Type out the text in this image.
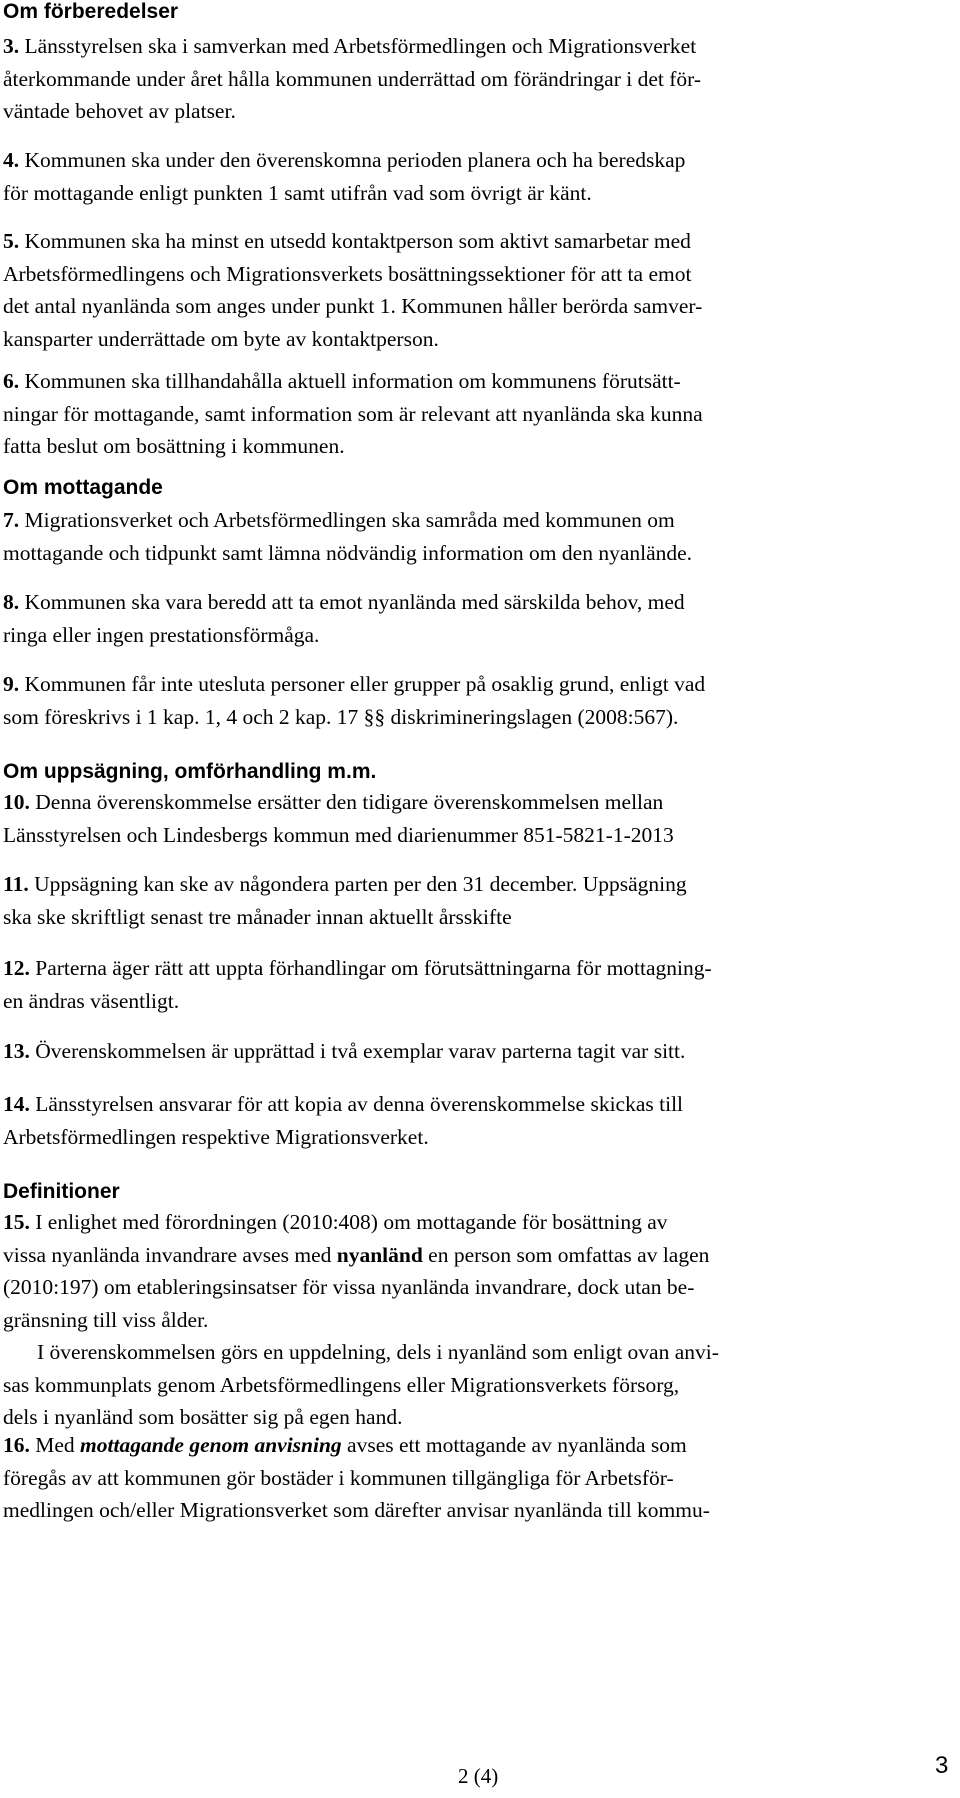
Om förberedelser
3. Länsstyrelsen ska i samverkan med Arbetsförmedlingen och Migrationsverket
återkommande under året hålla kommunen underrättad om förändringar i det för-
väntade behovet av platser.
4. Kommunen ska under den överenskomna perioden planera och ha beredskap
för mottagande enligt punkten 1 samt utifrån vad som övrigt är känt.
5. Kommunen ska ha minst en utsedd kontaktperson som aktivt samarbetar med
Arbetsförmedlingens och Migrationsverkets bosättningssektioner för att ta emot
det antal nyanlända som anges under punkt 1. Kommunen håller berörda samver-
kansparter underrättade om byte av kontaktperson.
6. Kommunen ska tillhandahålla aktuell information om kommunens förutsätt-
ningar för mottagande, samt information som är relevant att nyanlända ska kunna
fatta beslut om bosättning i kommunen.
Om mottagande
7. Migrationsverket och Arbetsförmedlingen ska samråda med kommunen om
mottagande och tidpunkt samt lämna nödvändig information om den nyanlände.
8. Kommunen ska vara beredd att ta emot nyanlända med särskilda behov, med
ringa eller ingen prestationsförmåga.
9. Kommunen får inte utesluta personer eller grupper på osaklig grund, enligt vad
som föreskrivs i 1 kap. 1, 4 och 2 kap. 17 §§ diskrimineringslagen (2008:567).
Om uppsägning, omförhandling m.m.
10. Denna överenskommelse ersätter den tidigare överenskommelsen mellan
Länsstyrelsen och Lindesbergs kommun med diarienummer 851-5821-1-2013
11. Uppsägning kan ske av någondera parten per den 31 december. Uppsägning
ska ske skriftligt senast tre månader innan aktuellt årsskifte
12. Parterna äger rätt att uppta förhandlingar om förutsättningarna för mottagning-
en ändras väsentligt.
13. Överenskommelsen är upprättad i två exemplar varav parterna tagit var sitt.
14. Länsstyrelsen ansvarar för att kopia av denna överenskommelse skickas till
Arbetsförmedlingen respektive Migrationsverket.
Definitioner
15. I enlighet med förordningen (2010:408) om mottagande för bosättning av
vissa nyanlända invandrare avses med nyanländ en person som omfattas av lagen
(2010:197) om etableringsinsatser för vissa nyanlända invandrare, dock utan be-
gränsning till viss ålder.
I överenskommelsen görs en uppdelning, dels i nyanländ som enligt ovan anvi-
sas kommunplats genom Arbetsförmedlingens eller Migrationsverkets försorg,
dels i nyanländ som bosätter sig på egen hand.
16. Med mottagande genom anvisning avses ett mottagande av nyanlända som
föregås av att kommunen gör bostäder i kommunen tillgängliga för Arbetsför-
medlingen och/eller Migrationsverket som därefter anvisar nyanlända till kommu-
2 (4)	3
